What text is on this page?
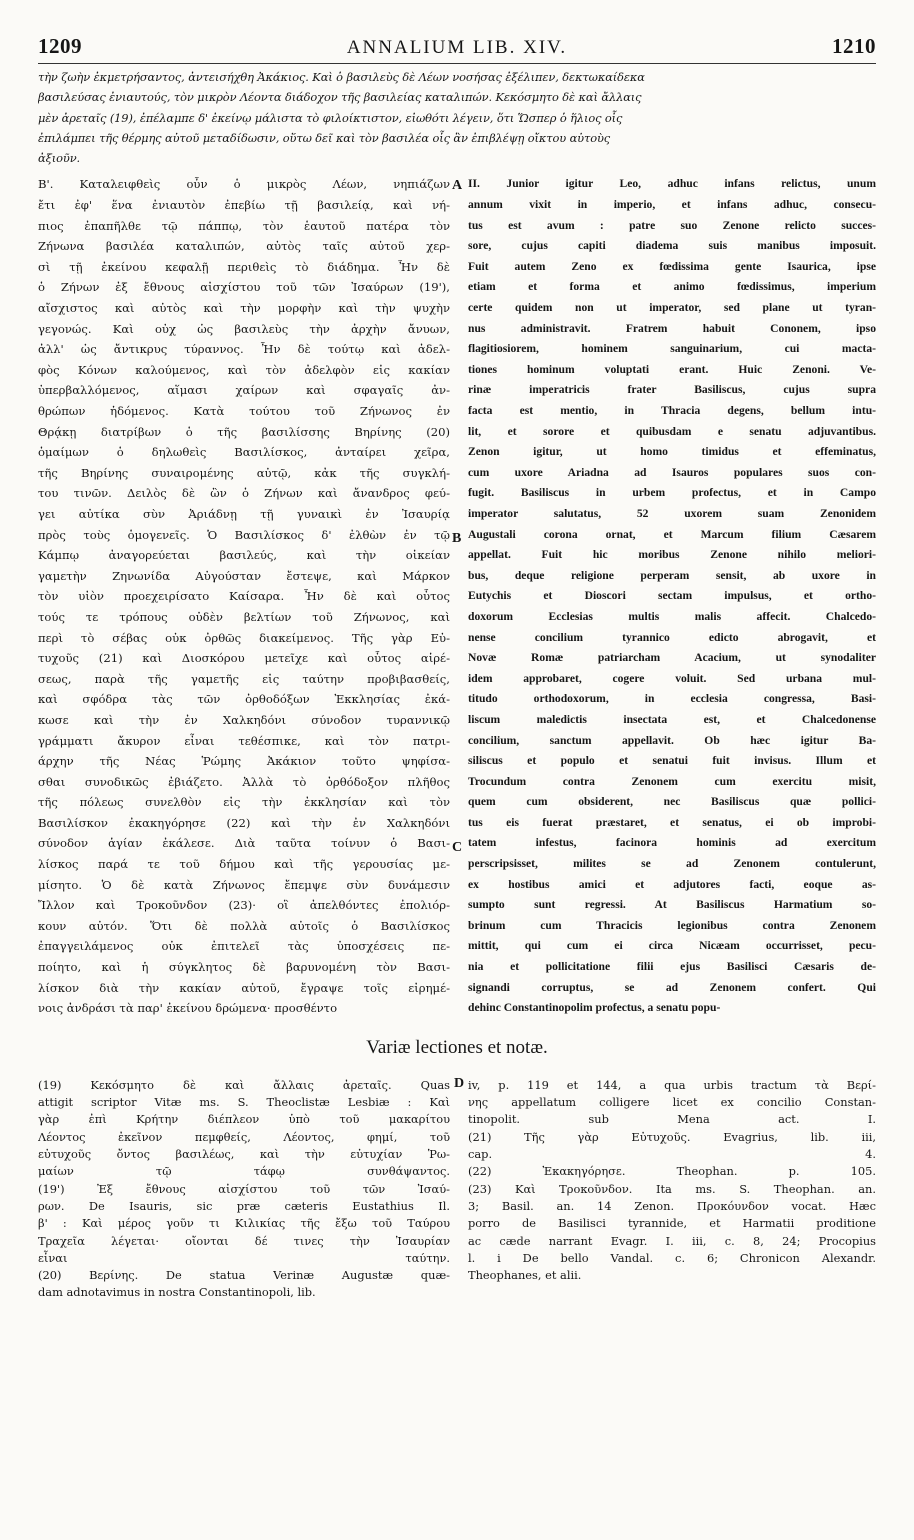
1209	ANNALIUM LIB. XIV.	1210
τὴν ζωὴν ἐκμετρήσαντος, ἀντεισήχθη Ἀκάκιος. Καὶ ὁ βασιλεὺς δὲ Λέων νοσήσας ἐξέλιπεν, δεκτωκαίδεκα
βασιλεύσας ἐνιαυτούς, τὸν μικρὸν Λέοντα διάδοχον τῆς βασιλείας καταλιπών. Κεκόσμητο δὲ καὶ ἄλλαις
μὲν ἀρεταῖς (19), ἐπέλαμπε δ' ἐκείνῳ μάλιστα τὸ φιλοίκτιστον, εἰωθότι λέγειν, ὅτι Ὥσπερ ὁ ἥλιος οἷς
ἐπιλάμπει τῆς θέρμης αὐτοῦ μεταδίδωσιν, οὕτω δεῖ καὶ τὸν βασιλέα οἷς ἂν ἐπιβλέψῃ οἴκτου αὐτοὺς
ἀξιοῦν.
A
B
C
Β'. Καταλειφθεὶς οὖν ὁ μικρὸς Λέων, νηπιάζων
ἔτι ἐφ' ἕνα ἐνιαυτὸν ἐπεβίω τῇ βασιλείᾳ, καὶ νή-
πιος ἐπαπῆλθε τῷ πάππῳ, τὸν ἑαυτοῦ πατέρα τὸν
Ζήνωνα βασιλέα καταλιπών, αὐτὸς ταῖς αὐτοῦ χερ-
σὶ τῇ ἐκείνου κεφαλῇ περιθεὶς τὸ διάδημα. Ἦν δὲ
ὁ Ζήνων ἐξ ἔθνους αἰσχίστου τοῦ τῶν Ἰσαύρων (19'),
αἴσχιστος καὶ αὐτὸς καὶ τὴν μορφὴν καὶ τὴν ψυχὴν
γεγονώς. Καὶ οὐχ ὡς βασιλεὺς τὴν ἀρχὴν ἄνυων,
ἀλλ' ὡς ἄντικρυς τύραννος. Ἦν δὲ τούτῳ καὶ ἀδελ-
φὸς Κόνων καλούμενος, καὶ τὸν ἀδελφὸν εἰς κακίαν
ὑπερβαλλόμενος, αἵμασι χαίρων καὶ σφαγαῖς ἀν-
θρώπων ἡδόμενος. Κατὰ τούτου τοῦ Ζήνωνος ἐν
Θρᾴκῃ διατρίβων ὁ τῆς βασιλίσσης Βηρίνης (20)
ὁμαίμων ὁ δηλωθεὶς Βασιλίσκος, ἀνταίρει χεῖρα,
τῆς Βηρίνης συναιρομένης αὐτῷ, κἀκ τῆς συγκλή-
του τινῶν. Δειλὸς δὲ ὢν ὁ Ζήνων καὶ ἄνανδρος φεύ-
γει αὐτίκα σὺν Ἀριάδνῃ τῇ γυναικὶ ἐν Ἰσαυρίᾳ
πρὸς τοὺς ὁμογενεῖς. Ὁ Βασιλίσκος δ' ἐλθὼν ἐν τῷ
Κάμπῳ ἀναγορεύεται βασιλεύς, καὶ τὴν οἰκείαν
γαμετὴν Ζηνωνίδα Αὐγούσταν ἔστεψε, καὶ Μάρκον
τὸν υἱὸν προεχειρίσατο Καίσαρα. Ἦν δὲ καὶ οὗτος
τούς τε τρόπους οὐδὲν βελτίων τοῦ Ζήνωνος, καὶ
περὶ τὸ σέβας οὐκ ὀρθῶς διακείμενος. Τῆς γὰρ Εὐ-
τυχοῦς (21) καὶ Διοσκόρου μετεῖχε καὶ οὗτος αἱρέ-
σεως, παρὰ τῆς γαμετῆς εἰς ταύτην προβιβασθείς,
καὶ σφόδρα τὰς τῶν ὀρθοδόξων Ἐκκλησίας ἐκά-
κωσε καὶ τὴν ἐν Χαλκηδόνι σύνοδον τυραννικῷ
γράμματι ἄκυρον εἶναι τεθέσπικε, καὶ τὸν πατρι-
άρχην τῆς Νέας Ῥώμης Ἀκάκιον τοῦτο ψηφίσα-
σθαι συνοδικῶς ἐβιάζετο. Ἀλλὰ τὸ ὀρθόδοξον πλῆθος
τῆς πόλεως συνελθὸν εἰς τὴν ἐκκλησίαν καὶ τὸν
Βασιλίσκον ἐκακηγόρησε (22) καὶ τὴν ἐν Χαλκηδόνι
σύνοδον ἁγίαν ἐκάλεσε. Διὰ ταῦτα τοίνυν ὁ Βασι-
λίσκος παρά τε τοῦ δήμου καὶ τῆς γερουσίας με-
μίσητο. Ὁ δὲ κατὰ Ζήνωνος ἔπεμψε σὺν δυνάμεσιν
Ἴλλον καὶ Τροκοῦνδον (23)· οἳ ἀπελθόντες ἐπολιόρ-
κουν αὐτόν. Ὅτι δὲ πολλὰ αὐτοῖς ὁ Βασιλίσκος
ἐπαγγειλάμενος οὐκ ἐπιτελεῖ τὰς ὑποσχέσεις πε-
ποίητο, καὶ ἡ σύγκλητος δὲ βαρυνομένη τὸν Βασι-
λίσκον διὰ τὴν κακίαν αὐτοῦ, ἔγραψε τοῖς εἰρημέ-
νοις ἀνδράσι τὰ παρ' ἐκείνου δρώμενα· προσθέντο
II. Junior igitur Leo, adhuc infans relictus, unum
annum vixit in imperio, et infans adhuc, consecu-
tus est avum : patre suo Zenone relicto succes-
sore, cujus capiti diadema suis manibus imposuit.
Fuit autem Zeno ex fœdissima gente Isaurica, ipse
etiam et forma et animo fœdissimus, imperium
certe quidem non ut imperator, sed plane ut tyran-
nus administravit. Fratrem habuit Cononem, ipso
flagitiosiorem, hominem sanguinarium, cui macta-
tiones hominum voluptati erant. Huic Zenoni. Ve-
rinæ imperatricis frater Basiliscus, cujus supra
facta est mentio, in Thracia degens, bellum intu-
lit, et sorore et quibusdam e senatu adjuvantibus.
Zenon igitur, ut homo timidus et effeminatus,
cum uxore Ariadna ad Isauros populares suos con-
fugit. Basiliscus in urbem profectus, et in Campo
imperator salutatus, 52 uxorem suam Zenonidem
Augustali corona ornat, et Marcum filium Cæsarem
appellat. Fuit hic moribus Zenone nihilo meliori-
bus, deque religione perperam sensit, ab uxore in
Eutychis et Dioscori sectam impulsus, et ortho-
doxorum Ecclesias multis malis affecit. Chalcedo-
nense concilium tyrannico edicto abrogavit, et
Novæ Romæ patriarcham Acacium, ut synodaliter
idem approbaret, cogere voluit. Sed urbana mul-
titudo orthodoxorum, in ecclesia congressa, Basi-
liscum maledictis insectata est, et Chalcedonense
concilium, sanctum appellavit. Ob hæc igitur Ba-
siliscus et populo et senatui fuit invisus. Illum et
Trocundum contra Zenonem cum exercitu misit,
quem cum obsiderent, nec Basiliscus quæ pollici-
tus eis fuerat præstaret, et senatus, ei ob improbi-
tatem infestus, facinora hominis ad exercitum
perscripsisset, milites se ad Zenonem contulerunt,
ex hostibus amici et adjutores facti, eoque as-
sumpto sunt regressi. At Basiliscus Harmatium so-
brinum cum Thracicis legionibus contra Zenonem
mittit, qui cum ei circa Nicæam occurrisset, pecu-
nia et pollicitatione filii ejus Basilisci Cæsaris de-
signandi corruptus, se ad Zenonem confert. Qui
dehinc Constantinopolim profectus, a senatu popu-
Variæ lectiones et notæ.
D
(19) Κεκόσμητο δὲ καὶ ἄλλαις ἀρεταῖς. Quas
attigit scriptor Vitæ ms. S. Theoclistæ Lesbiæ : Καὶ
γὰρ ἐπὶ Κρήτην διέπλεον ὑπὸ τοῦ μακαρίτου
Λέοντος ἐκεῖνον πεμφθείς, Λέοντος, φημί, τοῦ
εὐτυχοῦς ὄντος βασιλέως, καὶ τὴν εὐτυχίαν Ῥω-
μαίων τῷ τάφῳ συνθάψαντος.
(19') Ἐξ ἔθνους αἰσχίστου τοῦ τῶν Ἰσαύ-
ρων. De Isauris, sic præ cæteris Eustathius Il.
β' : Καὶ μέρος γοῦν τι Κιλικίας τῆς ἔξω τοῦ Ταύρου
Τραχεῖα λέγεται· οἴονται δέ τινες τὴν Ἰσαυρίαν
εἶναι ταύτην.
(20) Βερίνης. De statua Verinæ Augustæ quæ-
dam adnotavimus in nostra Constantinopoli, lib.
iv, p. 119 et 144, a qua urbis tractum τὰ Βερί-
νης appellatum colligere licet ex concilio Constan-
tinopolit. sub Mena act. I.
(21) Τῆς γὰρ Εὐτυχοῦς. Evagrius, lib. iii,
cap. 4.
(22) Ἐκακηγόρησε. Theophan. p. 105.
(23) Καὶ Τροκοῦνδον. Ita ms. S. Theophan. an.
3; Basil. an. 14 Zenon. Προκόυνδον vocat. Hæc
porro de Basilisci tyrannide, et Harmatii proditione
ac cæde narrant Evagr. I. iii, c. 8, 24; Procopius
l. i De bello Vandal. c. 6; Chronicon Alexandr.
Theophanes, et alii.
